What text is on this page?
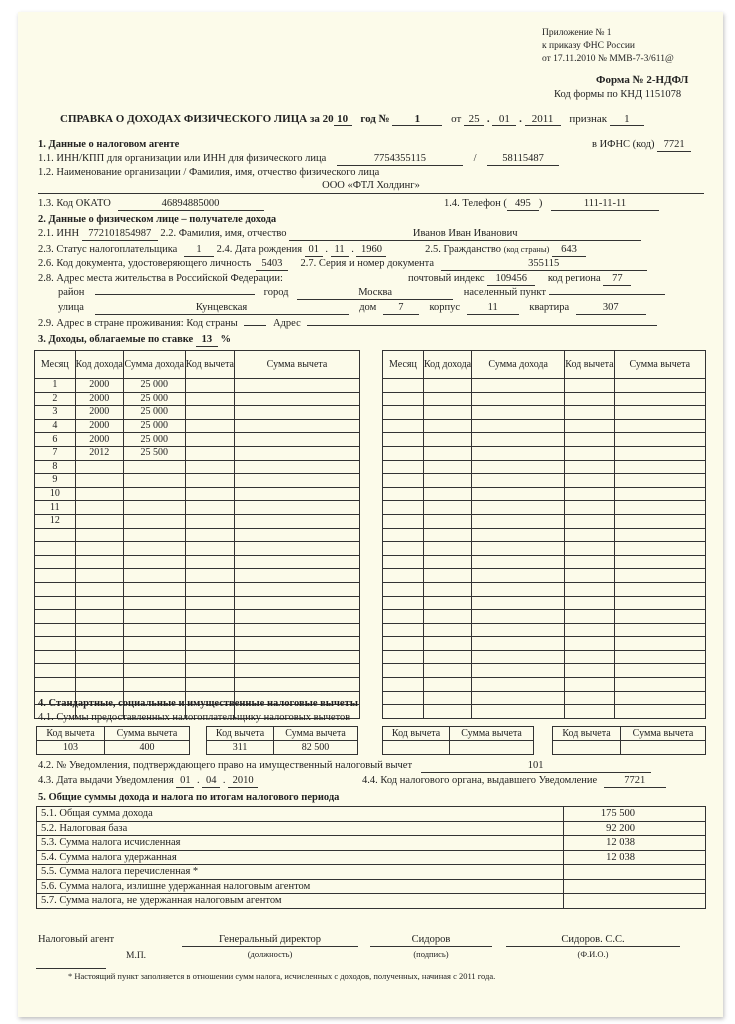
Приложение № 1
к приказу ФНС России
от 17.11.2010 № ММВ-7-3/611@
Форма № 2-НДФЛ
Код формы по КНД 1151078
СПРАВКА О ДОХОДАХ ФИЗИЧЕСКОГО ЛИЦА за 20 10 год № 1	от 25 . 01 . 2011 признак 1
1. Данные о налоговом агенте	в ИФНС (код) 7721
1.1. ИНН/КПП для организации или ИНН для физического лица	7754355115	/ 58115487
1.2. Наименование организации / Фамилия, имя, отчество физического лица
ООО «ФТЛ Холдинг»
1.3. Код ОКАТО	46894885000	1.4. Телефон ( 495 )	111-11-11
2. Данные о физическом лице – получателе дохода
2.1. ИНН 772101854987 2.2. Фамилия, имя, отчество	Иванов Иван Иванович
2.3. Статус налогоплательщика 1 2.4. Дата рождения 01 . 11 . 1960	2.5. Гражданство (код страны) 643
2.6. Код документа, удостоверяющего личность 5403 2.7. Серия и номер документа	355115
2.8. Адрес места жительства в Российской Федерации:	почтовый индекс 109456 код региона 77
район	город	Москва	населенный пункт
улица	Кунцевская	дом 7 корпус	11	квартира	307
2.9. Адрес в стране проживания: Код страны	Адрес
3. Доходы, облагаемые по ставке 13 %
Месяц	Код дохода	Сумма дохода	Код вычета	Сумма вычета
1	2000	25 000		
2	2000	25 000		
3	2000	25 000		
4	2000	25 000		
6	2000	25 000		
7	2012	25 500		
8				
9				
10				
11				
12				

Месяц	Код дохода	Сумма дохода	Код вычета	Сумма вычета

4. Стандартные, социальные и имущественные налоговые вычеты
4.1. Суммы предоставленных налогоплательщику налоговых вычетов
Код вычета	Сумма вычета
103	400
Код вычета	Сумма вычета
311	82 500
Код вычета	Сумма вычета
		Код вычета	Сумма вычета

4.2. № Уведомления, подтверждающего право на имущественный налоговый вычет	101
4.3. Дата выдачи Уведомления 01 . 04 . 2010	4.4. Код налогового органа, выдавшего Уведомление	7721
5. Общие суммы дохода и налога по итогам налогового периода
5.1. Общая сумма дохода	175 500
5.2. Налоговая база	92 200
5.3. Сумма налога исчисленная	12 038
5.4. Сумма налога удержанная	12 038
5.5. Сумма налога перечисленная *	
5.6. Сумма налога, излишне удержанная налоговым агентом	
5.7. Сумма налога, не удержанная налоговым агентом	
Налоговый агент
М.П.
Генеральный директор
(должность)
Сидоров
(подпись)
Сидоров. С.С.
(Ф.И.О.)
* Настоящий пункт заполняется в отношении сумм налога, исчисленных с доходов, полученных, начиная с 2011 года.
